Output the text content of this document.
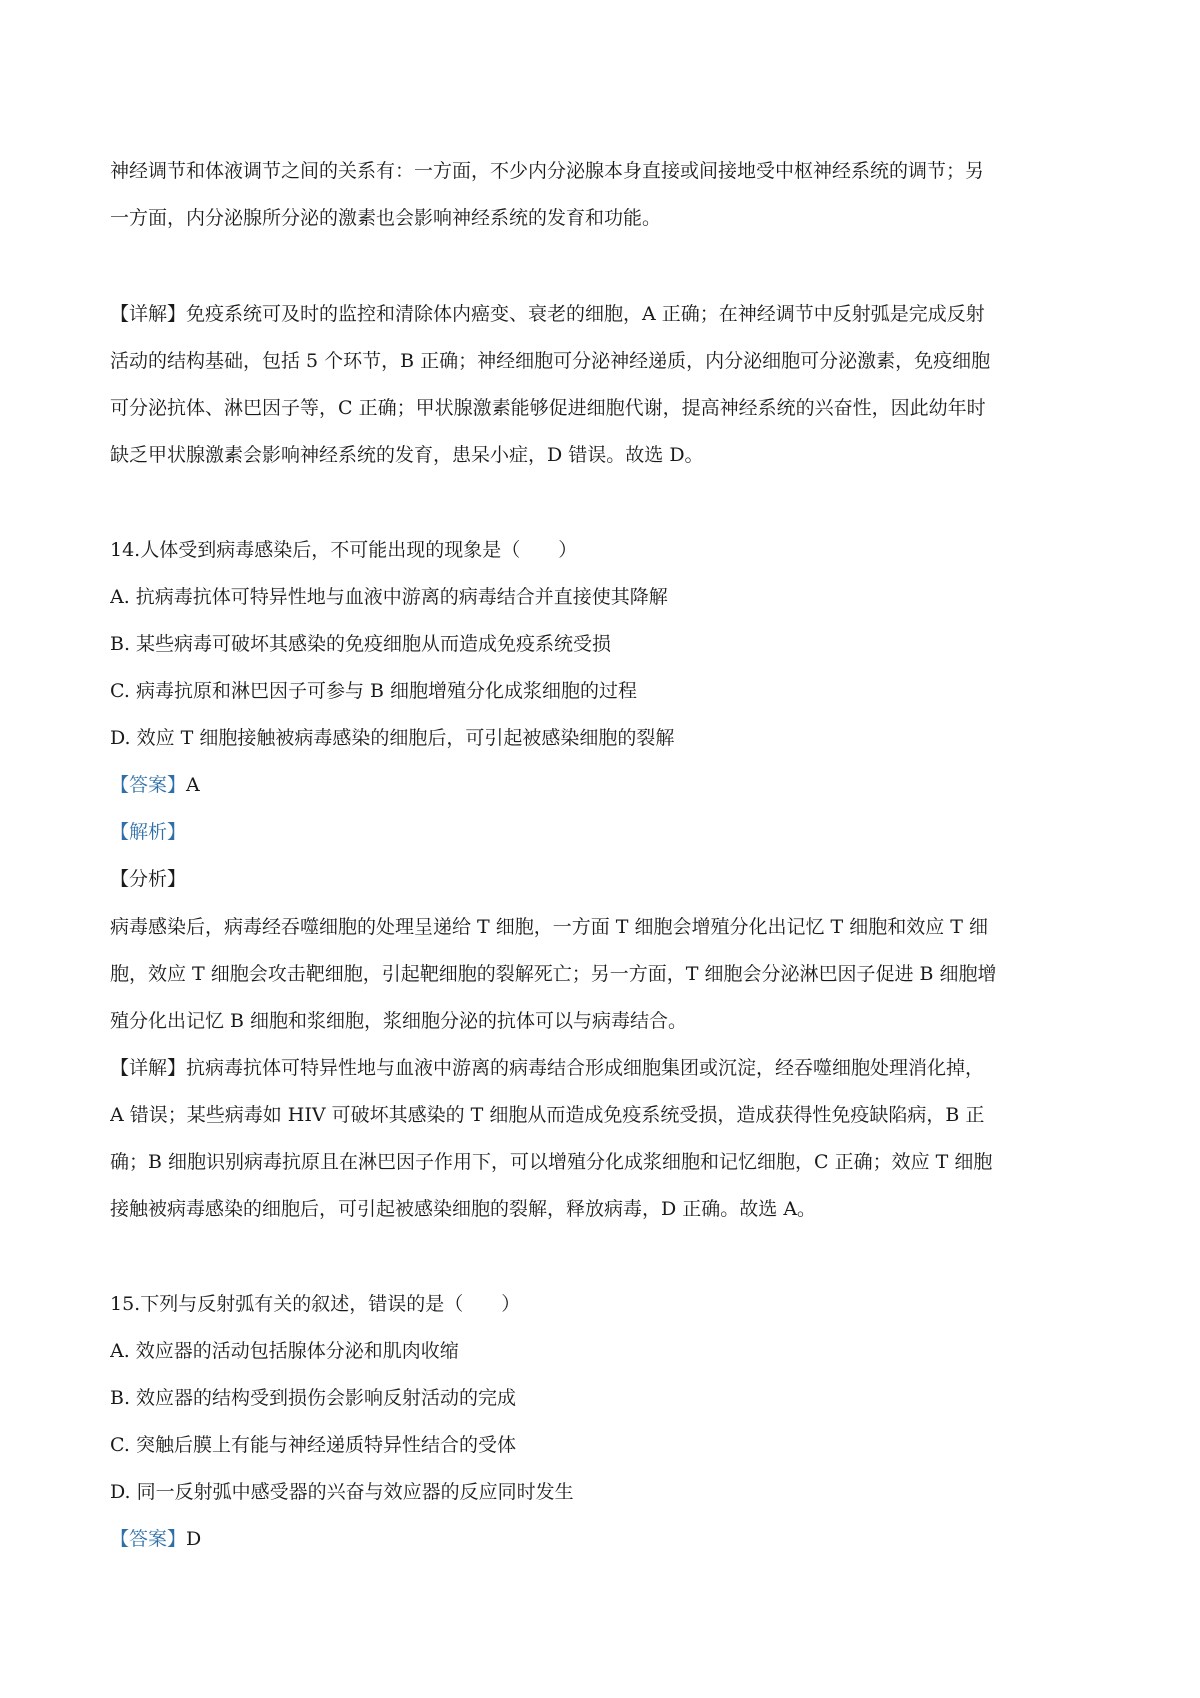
神经调节和体液调节之间的关系有：一方面，不少内分泌腺本身直接或间接地受中枢神经系统的调节；另
一方面，内分泌腺所分泌的激素也会影响神经系统的发育和功能。
【详解】免疫系统可及时的监控和清除体内癌变、衰老的细胞，A 正确；在神经调节中反射弧是完成反射
活动的结构基础，包括 5 个环节，B 正确；神经细胞可分泌神经递质，内分泌细胞可分泌激素，免疫细胞
可分泌抗体、淋巴因子等，C 正确；甲状腺激素能够促进细胞代谢，提高神经系统的兴奋性，因此幼年时
缺乏甲状腺激素会影响神经系统的发育，患呆小症，D 错误。故选 D。
14.人体受到病毒感染后，不可能出现的现象是（　　）
A. 抗病毒抗体可特异性地与血液中游离的病毒结合并直接使其降解
B. 某些病毒可破坏其感染的免疫细胞从而造成免疫系统受损
C. 病毒抗原和淋巴因子可参与 B 细胞增殖分化成浆细胞的过程
D. 效应 T 细胞接触被病毒感染的细胞后，可引起被感染细胞的裂解
【答案】A
【解析】
【分析】
病毒感染后，病毒经吞噬细胞的处理呈递给 T 细胞，一方面 T 细胞会增殖分化出记忆 T 细胞和效应 T 细
胞，效应 T 细胞会攻击靶细胞，引起靶细胞的裂解死亡；另一方面，T 细胞会分泌淋巴因子促进 B 细胞增
殖分化出记忆 B 细胞和浆细胞，浆细胞分泌的抗体可以与病毒结合。
【详解】抗病毒抗体可特异性地与血液中游离的病毒结合形成细胞集团或沉淀，经吞噬细胞处理消化掉，
A 错误；某些病毒如 HIV 可破坏其感染的 T 细胞从而造成免疫系统受损，造成获得性免疫缺陷病，B 正
确；B 细胞识别病毒抗原且在淋巴因子作用下，可以增殖分化成浆细胞和记忆细胞，C 正确；效应 T 细胞
接触被病毒感染的细胞后，可引起被感染细胞的裂解，释放病毒，D 正确。故选 A。
15.下列与反射弧有关的叙述，错误的是（　　）
A. 效应器的活动包括腺体分泌和肌肉收缩
B. 效应器的结构受到损伤会影响反射活动的完成
C. 突触后膜上有能与神经递质特异性结合的受体
D. 同一反射弧中感受器的兴奋与效应器的反应同时发生
【答案】D
